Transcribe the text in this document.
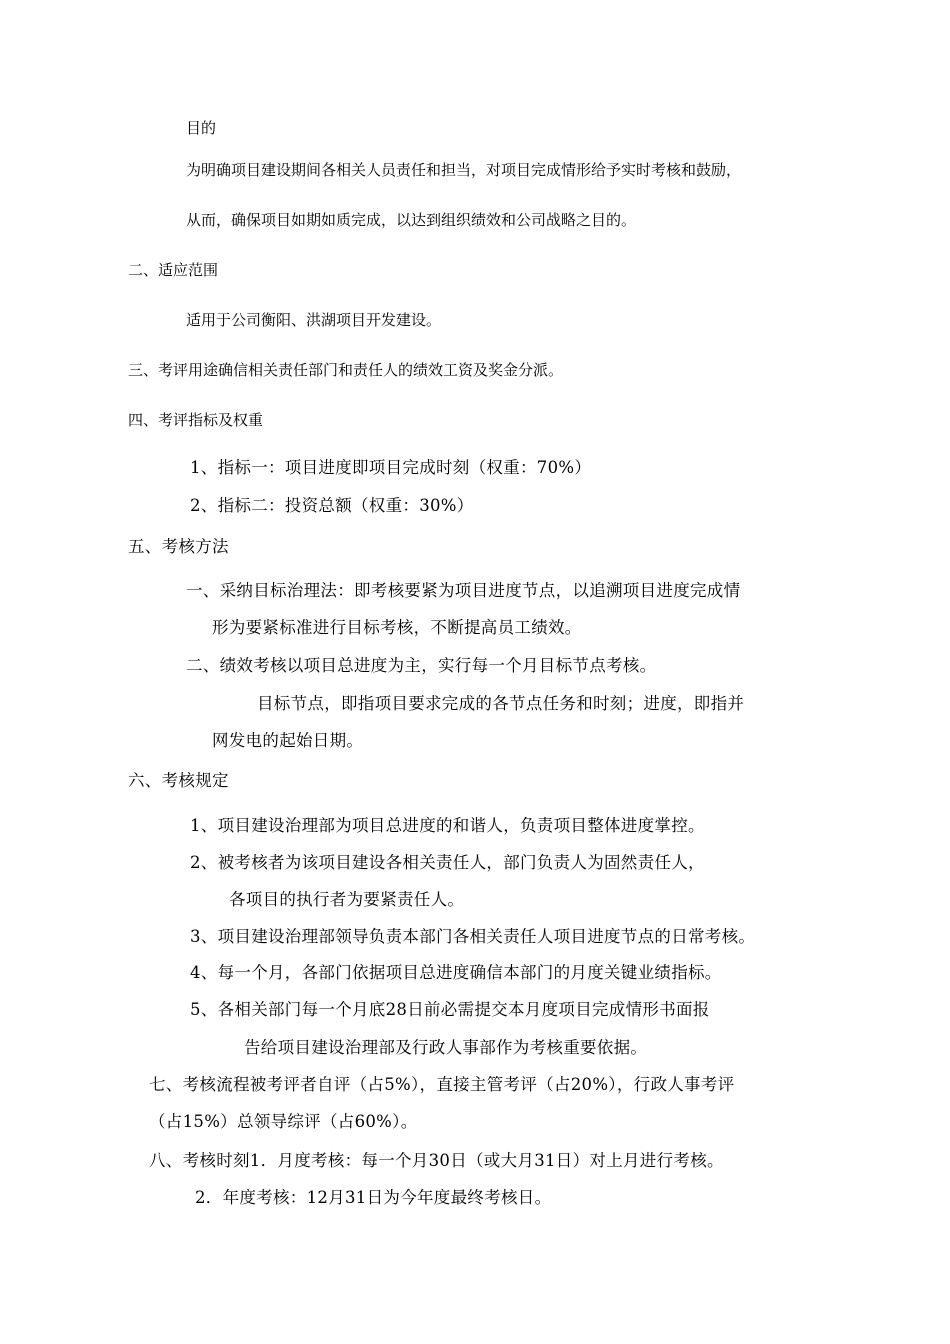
目的
为明确项目建设期间各相关人员责任和担当，对项目完成情形给予实时考核和鼓励，
从而，确保项目如期如质完成，以达到组织绩效和公司战略之目的。
二、适应范围
适用于公司衡阳、洪湖项目开发建设。
三、考评用途确信相关责任部门和责任人的绩效工资及奖金分派。
四、考评指标及权重
1、指标一：项目进度即项目完成时刻（权重：70%）
2、指标二：投资总额（权重：30%）
五、考核方法
一、采纳目标治理法：即考核要紧为项目进度节点，以追溯项目进度完成情
形为要紧标准进行目标考核，不断提高员工绩效。
二、绩效考核以项目总进度为主，实行每一个月目标节点考核。
目标节点，即指项目要求完成的各节点任务和时刻；进度，即指并
网发电的起始日期。
六、考核规定
1、项目建设治理部为项目总进度的和谐人，负责项目整体进度掌控。
2、被考核者为该项目建设各相关责任人，部门负责人为固然责任人，
各项目的执行者为要紧责任人。
3、项目建设治理部领导负责本部门各相关责任人项目进度节点的日常考核。
4、每一个月，各部门依据项目总进度确信本部门的月度关键业绩指标。
5、各相关部门每一个月底28日前必需提交本月度项目完成情形书面报
告给项目建设治理部及行政人事部作为考核重要依据。
七、考核流程被考评者自评（占5%），直接主管考评（占20%），行政人事考评
（占15%）总领导综评（占60%）。
八、考核时刻1．月度考核：每一个月30日（或大月31日）对上月进行考核。
2．年度考核：12月31日为今年度最终考核日。
